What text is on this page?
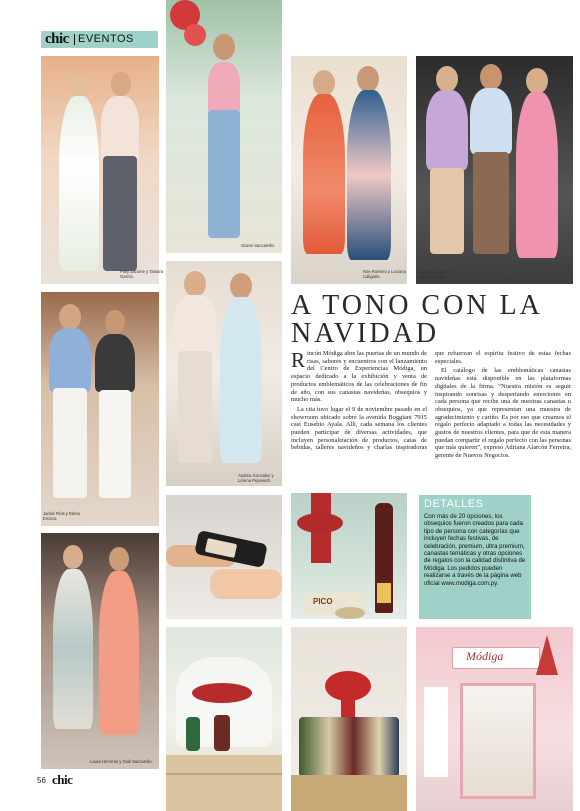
chic EVENTOS
Polly Jacome y Tamara García.
Gianni Saccarello.
Noe Romero y Luciana Caligaris.
Gabriela, Miguel y Marcela Solís.
Jackie Ríos y Elena Encina.
Andrea González y Lorena Pepowich.
A TONO CON LA
NAVIDAD

Rincón Módiga abre las puertas de un mundo de risas, sabores y encuentros con el lanzamiento del Centro de Experiencias Módiga, un espacio dedicado a la exhibición y venta de productos emblemáticos de las celebraciones de fin de año, con sus canastas navideñas, obsequios y mucho más.

La cita tuvo lugar el 9 de noviembre pasado en el showroom ubicado sobre la avenida Boggiani 7915 casi Eusebio Ayala. Allí, cada semana los clientes pueden participar de diversas actividades, que incluyen personalización de productos, catas de bebidas, talleres navideños y charlas inspiradoras que refuerzan el espíritu festivo de estas fechas especiales.

El catálogo de las emblemáticas canastas navideñas está disponible en las plataformas digitales de la firma. “Nuestra misión es seguir inspirando sonrisas y despertando emociones en cada persona que recibe una de nuestras canastas u obsequios, ya que representan una muestra de agradecimiento y cariño. Es por eso que creamos el regalo perfecto adaptado a todas las necesidades y gustos de nuestros clientes, para que de esta manera puedan compartir el regalo perfecto con las personas que más quieren”, expresó Adriana Alarcón Ferreira, gerente de Nuevos Negocios.

Laura Herreros y Giuli Saccarello.
PICO
DETALLES
Con más de 20 opciones, los obsequios fueron creados para cada tipo de persona con categorías que incluyen fechas festivas, de celebración, premium, ultra premium, canastas temáticas y otras opciones de regalos con la calidad distintiva de Módiga. Los pedidos pueden realizarse a través de la página web oficial www.modiga.com.py.
Módiga
56 chic
